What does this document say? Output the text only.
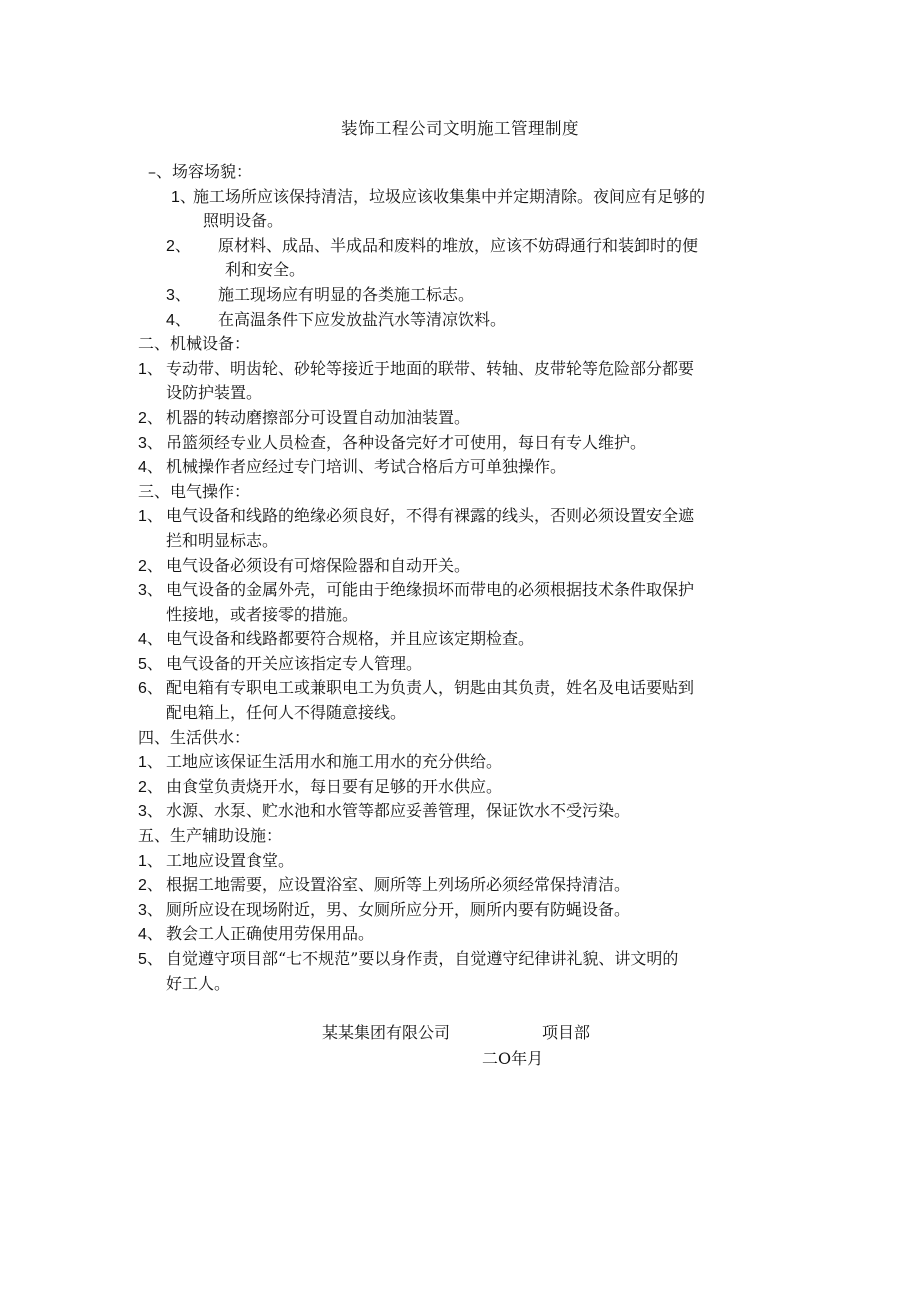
装饰工程公司文明施工管理制度
–、场容场貌：
1、施工场所应该保持清洁，垃圾应该收集集中并定期清除。夜间应有足够的
照明设备。
2、 原材料、成品、半成品和废料的堆放，应该不妨碍通行和装卸时的便
利和安全。
3、 施工现场应有明显的各类施工标志。
4、 在高温条件下应发放盐汽水等清凉饮料。
二、机械设备：
1、 专动带、明齿轮、砂轮等接近于地面的联带、转轴、皮带轮等危险部分都要
设防护装置。
2、 机器的转动磨擦部分可设置自动加油装置。
3、 吊篮须经专业人员检查，各种设备完好才可使用，每日有专人维护。
4、 机械操作者应经过专门培训、考试合格后方可单独操作。
三、电气操作：
1、 电气设备和线路的绝缘必须良好，不得有裸露的线头，否则必须设置安全遮
拦和明显标志。
2、 电气设备必须设有可熔保险器和自动开关。
3、 电气设备的金属外壳，可能由于绝缘损坏而带电的必须根据技术条件取保护
性接地，或者接零的措施。
4、 电气设备和线路都要符合规格，并且应该定期检查。
5、 电气设备的开关应该指定专人管理。
6、 配电箱有专职电工或兼职电工为负责人，钥匙由其负责，姓名及电话要贴到
配电箱上，任何人不得随意接线。
四、生活供水：
1、 工地应该保证生活用水和施工用水的充分供给。
2、 由食堂负责烧开水，每日要有足够的开水供应。
3、 水源、水泵、贮水池和水管等都应妥善管理，保证饮水不受污染。
五、生产辅助设施：
1、 工地应设置食堂。
2、 根据工地需要，应设置浴室、厕所等上列场所必须经常保持清洁。
3、 厕所应设在现场附近，男、女厕所应分开，厕所内要有防蝇设备。
4、 教会工人正确使用劳保用品。
5、 自觉遵守项目部“七不规范”要以身作责，自觉遵守纪律讲礼貌、讲文明的
好工人。
某某集团有限公司	项目部
二O年月
